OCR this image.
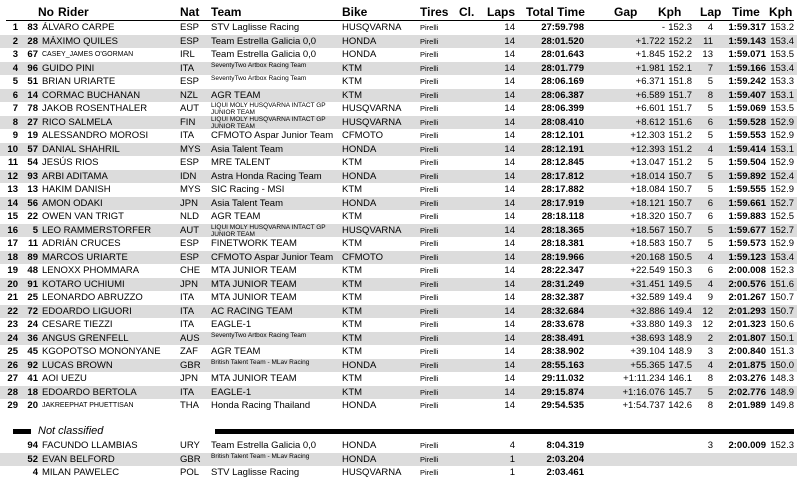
No Rider	Nat Team	Bike	Tires Cl. Laps Total Time Gap Kph Lap Time Kph
1 83 ÁLVARO CARPE	ESP STV Laglisse Racing	HUSQVARNA Pirelli	14	27:59.798	- 152.3	4	1:59.317 153.2
2 28 MÁXIMO QUILES	ESP Team Estrella Galicia 0,0	HONDA	Pirelli	14	28:01.520	+1.722 152.2	11	1:59.143 153.4
3 67 CASEY_JAMES O'GORMAN	IRL Team Estrella Galicia 0,0	HONDA	Pirelli	14	28:01.643	+1.845 152.2	13	1:59.071 153.5
4 96 GUIDO PINI	ITA	SeventyTwo Artbox Racing Team	KTM	Pirelli	14	28:01.779	+1.981 152.1	7	1:59.166 153.4
5 51 BRIAN URIARTE	ESP SeventyTwo Artbox Racing Team	KTM	Pirelli	14	28:06.169	+6.371 151.8	5	1:59.242 153.3
6 14 CORMAC BUCHANAN	NZL AGR TEAM	KTM	Pirelli	14	28:06.387	+6.589 151.7	8	1:59.407 153.1
7 78 JAKOB ROSENTHALER	AUT LIQUI MOLY HUSQVARNA INTACT GP JUNIOR TEAM	HUSQVARNA Pirelli	14	28:06.399	+6.601 151.7	5	1:59.069 153.5
8 27 RICO SALMELA	FIN LIQUI MOLY HUSQVARNA INTACT GP JUNIOR TEAM	HUSQVARNA Pirelli	14	28:08.410	+8.612 151.6	6	1:59.528 152.9
9 19 ALESSANDRO MOROSI	ITA CFMOTO Aspar Junior Team CFMOTO	Pirelli	14	28:12.101	+12.303 151.2	5	1:59.553 152.9
10 57 DANIAL SHAHRIL	MYS Asia Talent Team	HONDA	Pirelli	14	28:12.191	+12.393 151.2	4	1:59.414 153.1
11 54 JESÚS RIOS	ESP MRE TALENT	KTM	Pirelli	14	28:12.845	+13.047 151.2	5	1:59.504 152.9
12 93 ARBI ADITAMA	IDN Astra Honda Racing Team HONDA	Pirelli	14	28:17.812	+18.014 150.7	5	1:59.892 152.4
13 13 HAKIM DANISH	MYS SIC Racing - MSI	KTM	Pirelli	14	28:17.882	+18.084 150.7	5	1:59.555 152.9
14 56 AMON ODAKI	JPN Asia Talent Team	HONDA	Pirelli	14	28:17.919	+18.121 150.7	6	1:59.661 152.7
15 22 OWEN VAN TRIGT	NLD AGR TEAM	KTM	Pirelli	14	28:18.118	+18.320 150.7	6	1:59.883 152.5
16	5 LEO RAMMERSTORFER	AUT LIQUI MOLY HUSQVARNA INTACT GP JUNIOR TEAM	HUSQVARNA Pirelli	14	28:18.365	+18.567 150.7	5	1:59.677 152.7
17	11 ADRIÁN CRUCES	ESP FINETWORK TEAM	KTM	Pirelli	14	28:18.381	+18.583 150.7	5	1:59.573 152.9
18 89 MARCOS URIARTE	ESP CFMOTO Aspar Junior Team CFMOTO	Pirelli	14	28:19.966	+20.168 150.5	4	1:59.123 153.4
19 48 LENOXX PHOMMARA	CHE MTA JUNIOR TEAM	KTM	Pirelli	14	28:22.347	+22.549 150.3	6	2:00.008 152.3
20 91 KOTARO UCHIUMI	JPN MTA JUNIOR TEAM	KTM	Pirelli	14	28:31.249	+31.451 149.5	4	2:00.576 151.6
21 25 LEONARDO ABRUZZO	ITA MTA JUNIOR TEAM	KTM	Pirelli	14	28:32.387	+32.589 149.4	9	2:01.267 150.7
22 72 EDOARDO LIGUORI	ITA AC RACING TEAM	KTM	Pirelli	14	28:32.684	+32.886 149.4	12	2:01.293 150.7
23 24 CESARE TIEZZI	ITA EAGLE-1	KTM	Pirelli	14	28:33.678	+33.880 149.3	12	2:01.323 150.6
24 36 ANGUS GRENFELL	AUS SeventyTwo Artbox Racing Team	KTM	Pirelli	14	28:38.491	+38.693 148.9	2	2:01.807 150.1
25 45 KGOPOTSO MONONYANE ZAF AGR TEAM	KTM	Pirelli	14	28:38.902	+39.104 148.9	3	2:00.840 151.3
26 92 LUCAS BROWN	GBR British Talent Team - MLav Racing	HONDA	Pirelli	14	28:55.163	+55.365 147.5	4	2:01.875 150.0
27 41 AOI UEZU	JPN MTA JUNIOR TEAM	KTM	Pirelli	14	29:11.032	+1:11.234 146.1	8	2:03.276 148.3
28 18 EDOARDO BERTOLA	ITA EAGLE-1	KTM	Pirelli	14	29:15.874	+1:16.076 145.7	5	2:02.776 148.9
29 20 JAKREEPHAT PHUETTISAN	THA Honda Racing Thailand	HONDA	Pirelli	14	29:54.535	+1:54.737 142.6	8	2:01.989 149.8
Not classified
94 FACUNDO LLAMBIAS	URY Team Estrella Galicia 0,0	HONDA	Pirelli	4	8:04.319	3	2:00.009 152.3
52 EVAN BELFORD	GBR British Talent Team - MLav Racing	HONDA	Pirelli	1	2:03.204
4 MILAN PAWELEC	POL STV Laglisse Racing	HUSQVARNA Pirelli	1	2:03.461
